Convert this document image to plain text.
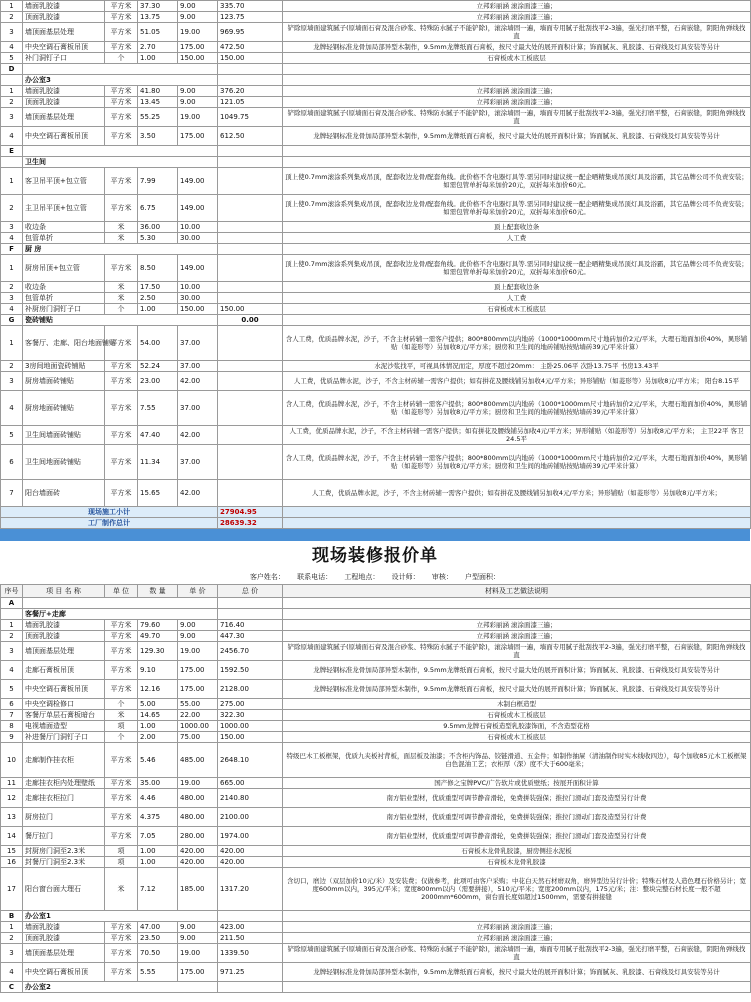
1	墙面乳胶漆	平方米	37.30	9.00	335.70	立邦彩丽涵 滚涂面漆三遍；
2	顶面乳胶漆	平方米	13.75	9.00	123.75	立邦彩丽涵 滚涂面漆三遍；
3	墙顶面基层处理	平方米	51.05	19.00	969.95	铲除原墙面建筑腻子(原墙面石膏及混合砂浆、特殊防水腻子不能铲除)，滚涂墙固一遍，墙面专用腻子批刮找平2-3遍，强光打磨平整，石膏嵌缝，阴阳角弹线找直
4	中央空调石膏板吊顶	平方米	2.70	175.00	472.50	龙牌轻钢标准龙骨加局部异型木制作，9.5mm龙牌纸面石膏板，按尺寸最大处的展开面积计算；饰面腻灰、乳胶漆、石膏线及灯具安装等另计
5	补门洞钉子口	个	1.00	150.00	150.00	石膏板或木工板底层
D						
	办公室3					
1	墙面乳胶漆	平方米	41.80	9.00	376.20	立邦彩丽涵 滚涂面漆三遍；
2	顶面乳胶漆	平方米	13.45	9.00	121.05	立邦彩丽涵 滚涂面漆三遍；
3	墙顶面基层处理	平方米	55.25	19.00	1049.75	铲除原墙面建筑腻子(原墙面石膏及混合砂浆、特殊防水腻子不能铲除)，滚涂墙固一遍，墙面专用腻子批刮找平2-3遍，强光打磨平整，石膏嵌缝，阴阳角弹线找直
4	中央空调石膏板吊顶	平方米	3.50	175.00	612.50	龙牌轻钢标准龙骨加局部异型木制作，9.5mm龙牌纸面石膏板，按尺寸最大处的展开面积计算；饰面腻灰、乳胶漆、石膏线及灯具安装等另计
E						
	卫生间					
1	客卫吊平顶+包立管	平方米	7.99	149.00		顶上使0.7mm滚涂系列集成吊顶，配套收边龙骨/配套角线。此价格不含电器灯具等.需另同时建议统一配企晒精集成吊顶灯具及浴霸，其它品牌公司不负责安装；如需包管单折每米加价20元，双折每米加价60元。
2	主卫吊平顶+包立管	平方米	6.75	149.00		顶上使0.7mm滚涂系列集成吊顶，配套收边龙骨/配套角线。此价格不含电器灯具等.需另同时建议统一配企晒精集成吊顶灯具及浴霸，其它品牌公司不负责安装；如需包管单折每米加价20元，双折每米加价60元。
3	收边条	米	36.00	10.00		顶上配套收边条
4	包管单折	米	5.30	30.00		人工费
F	厨 房					
1	厨房吊顶+包立管	平方米	8.50	149.00		顶上使0.7mm滚涂系列集成吊顶，配套收边龙骨/配套角线。此价格不含电器灯具等.需另同时建议统一配企晒精集成吊顶灯具及浴霸，其它品牌公司不负责安装；如需包管单折每米加价20元，双折每米加价60元。
2	收边条	米	17.50	10.00		顶上配套收边条
3	包管单折	米	2.50	30.00		人工费
4	补厨房门洞钉子口	个	1.00	150.00	150.00	石膏板或木工板底层
G	瓷砖铺贴				0.00	
1	客餐厅、走廊、阳台地面铺贴	平方米	54.00	37.00		含人工费，优质品牌水泥，沙子，不含主材砖辅一需客户提供；800*800mm以内地砖（1000*1000mm尺寸地砖加价2元/平米，大理石地面加价40%，異形铺贴（如菱形等）另加收8元/平方米；厨房和卫生间的地砖铺贴按贴墙砖39元/平米计算）
2	3房间地面瓷砖铺贴	平方米	52.24	37.00		水泥沙浆找平，可视具体情况而定，厚度不超过20mm： 主卧25.06平 次卧13.75平 书房13.43平
3	厨房墙面砖铺贴	平方米	23.00	42.00		人工费，优质品牌水泥，沙子，不含主材砖辅一需客户提供；如有拼花及腰线铺另加收4元/平方米；异形铺贴（如菱形等）另加收8元/平方米； 阳台8.15平
4	厨房地面砖铺贴	平方米	7.55	37.00		含人工费，优质品牌水泥，沙子，不含主材砖辅一需客户提供；800*800mm以内地砖（1000*1000mm尺寸地砖加价2元/平米，大理石地面加价40%，異形铺贴（如菱形等）另加收8元/平方米；厨房和卫生间的地砖铺贴按贴墙砖39元/平米计算）
5	卫生间墙面砖铺贴	平方米	47.40	42.00		人工费，优质品牌水泥，沙子，不含主材砖辅一需客户提供；如有拼花及腰线铺另加收4元/平方米；异形铺贴（如菱形等）另加收8元/平方米； 主卫22平 客卫24.5平
6	卫生间地面砖铺贴	平方米	11.34	37.00		含人工费，优质品牌水泥，沙子，不含主材砖辅一需客户提供；800*800mm以内地砖（1000*1000mm尺寸地砖加价2元/平米，大理石地面加价40%，異形铺贴（如菱形等）另加收8元/平方米；厨房和卫生间的地砖铺贴按贴墙砖39元/平米计算）
7	阳台墙面砖	平方米	15.65	42.00		人工费，优质品牌水泥，沙子，不含主材砖辅一需客户提供；如有拼花及腰线铺另加收4元/平方米；异形铺贴（如菱形等）另加收8元/平方米；
现场施工小计					27904.95	
工厂制作总计					28639.32	
现场装修报价单
客户姓名： 联系电话： 工程地点： 设计师： 审核： 户型面积：
序号	项 目 名 称	单 位	数 量	单 价	总 价	材料及工艺做法说明
A						
	客餐厅+走廊					
1	墙面乳胶漆	平方米	79.60	9.00	716.40	立邦彩丽涵 滚涂面漆三遍；
2	顶面乳胶漆	平方米	49.70	9.00	447.30	立邦彩丽涵 滚涂面漆三遍；
3	墙顶面基层处理	平方米	129.30	19.00	2456.70	铲除原墙面建筑腻子(原墙面石膏及混合砂浆、特殊防水腻子不能铲除)，滚涂墙固一遍，墙面专用腻子批刮找平2-3遍，强光打磨平整，石膏嵌缝，阴阳角弹线找直
4	走廊石膏板吊顶	平方米	9.10	175.00	1592.50	龙牌轻钢标准龙骨加局部异型木制作，9.5mm龙牌纸面石膏板，按尺寸最大处的展开面积计算；饰面腻灰、乳胶漆、石膏线及灯具安装等另计
5	中央空调石膏板吊顶	平方米	12.16	175.00	2128.00	龙牌轻钢标准龙骨加局部异型木制作，9.5mm龙牌纸面石膏板，按尺寸最大处的展开面积计算；饰面腻灰、乳胶漆、石膏线及灯具安装等另计
6	中央空调检修口	个	5.00	55.00	275.00	木制白框造型
7	客餐厅单层石膏板暗台	米	14.65	22.00	322.30	石膏板或木工板底层
8	电视墙面造型	项	1.00	1000.00	1000.00	9.5mm龙牌石膏板造型乳胶漆饰面，不含造型花格
9	补进餐厅门洞钉子口	个	2.00	75.00	150.00	石膏板或木工板底层
10	走廊制作挂衣柜	平方米	5.46	485.00	2648.10	特级巴木工板框架，优质九夹板衬背板，面层板及油漆；不含柜内饰品、铰链滑道、五金件；如制作抽屉（清油制作时实木线收四边），每个加收85元木工板框架白色混油工艺；衣柜厚（深）度不大于600毫米；
11	走廊挂衣柜内处理壁纸	平方米	35.00	19.00	665.00	国产修之宝牌PVC/广告软片或优质壁纸；按展开面积计算
12	走廊挂衣柜拉门	平方米	4.46	480.00	2140.80	南方铝业型材，优质重型可调节静音滑轮，免费拼装强保；推拉门滑动门套及造型另行计费
13	厨房拉门	平方米	4.375	480.00	2100.00	南方铝业型材，优质重型可调节静音滑轮，免费拼装强保；推拉门滑动门套及造型另行计费
14	餐厅拉门	平方米	7.05	280.00	1974.00	南方铝业型材，优质重型可调节静音滑轮，免费拼装强保；推拉门滑动门套及造型另行计费
15	封厨房门洞至2.3米	项	1.00	420.00	420.00	石膏板木龙骨乳胶漆，厨房侧挂水泥板
16	封餐厅门洞至2.3米	项	1.00	420.00	420.00	石膏板木龙骨乳胶漆
17	阳台窗台面大理石	米	7.12	185.00	1317.20	含切口，磨边（双层加价10元/米）及安装费；仅做参考，此项可由客户采购；中花白天然石材磨双角，磨异型边另行计价；特殊石材及人造色理石价格另计；宽度600mm以内，395元/平米；宽度800mm以内（需要拼接），510元/平米；宽度200mm以内，175元/米；注：整块完整石材长度一般不超2000mm*600mm，窗台面长度如超过1500mm，需要有拼接缝
B	办公室1					
1	墙面乳胶漆	平方米	47.00	9.00	423.00	立邦彩丽涵 滚涂面漆三遍；
2	顶面乳胶漆	平方米	23.50	9.00	211.50	立邦彩丽涵 滚涂面漆三遍；
3	墙顶面基层处理	平方米	70.50	19.00	1339.50	铲除原墙面建筑腻子(原墙面石膏及混合砂浆、特殊防水腻子不能铲除)，滚涂墙固一遍，墙面专用腻子批刮找平2-3遍，强光打磨平整，石膏嵌缝，阴阳角弹线找直
4	中央空调石膏板吊顶	平方米	5.55	175.00	971.25	龙牌轻钢标准龙骨加局部异型木制作，9.5mm龙牌纸面石膏板，按尺寸最大处的展开面积计算；饰面腻灰、乳胶漆、石膏线及灯具安装等另计
C	办公室2					
